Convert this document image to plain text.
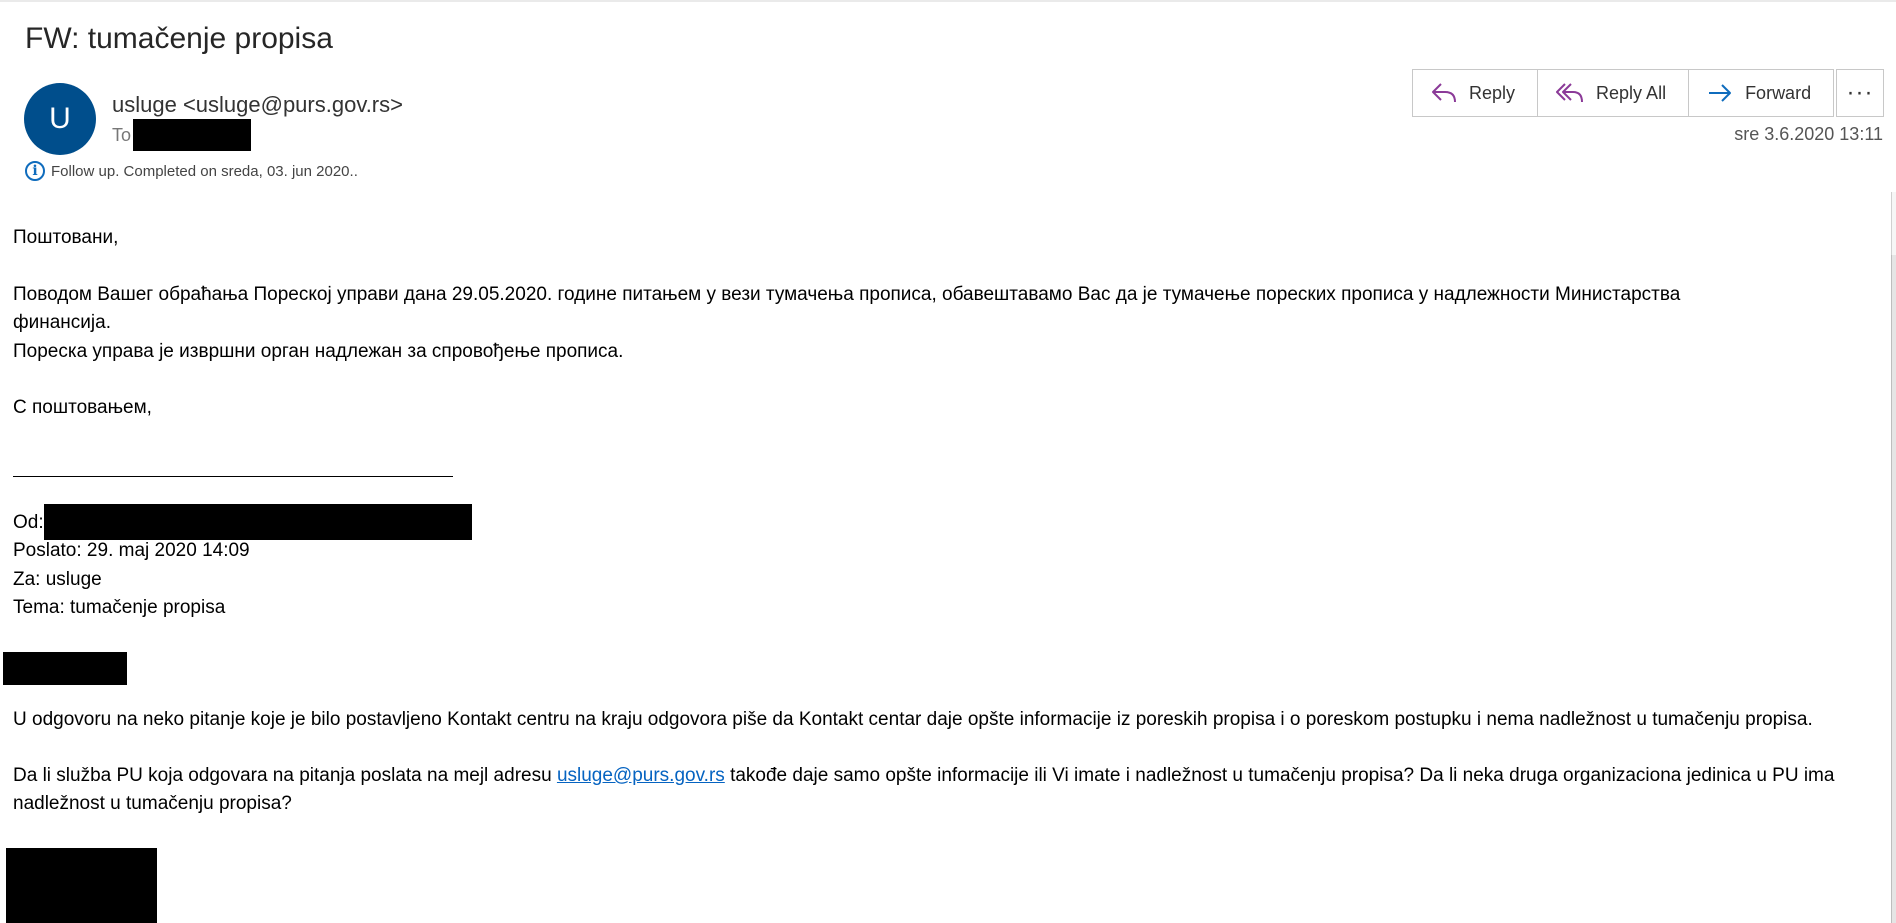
FW: tumačenje propisa
U usluge <usluge@purs.gov.rs>
To
i Follow up. Completed on sreda, 03. jun 2020..
Reply	Reply All	Forward ···
sre 3.6.2020 13:11
Поштовани,
Поводом Вашег обраћања Пореској управи дана 29.05.2020. године питањем у вези тумачења прописа, обавештавамо Вас да је тумачење пореских прописа у надлежности Министарства
финансија.
Пореска управа је извршни орган надлежан за спровођење прописа.
С поштовањем,
Od:
Poslato: 29. maj 2020 14:09
Za: usluge
Tema: tumačenje propisa
U odgovoru na neko pitanje koje je bilo postavljeno Kontakt centru na kraju odgovora piše da Kontakt centar daje opšte informacije iz poreskih propisa i o poreskom postupku i nema nadležnost u tumačenju propisa.
Da li služba PU koja odgovara na pitanja poslata na mejl adresu usluge@purs.gov.rs takođe daje samo opšte informacije ili Vi imate i nadležnost u tumačenju propisa? Da li neka druga organizaciona jedinica u PU ima nadležnost u tumačenju propisa?
